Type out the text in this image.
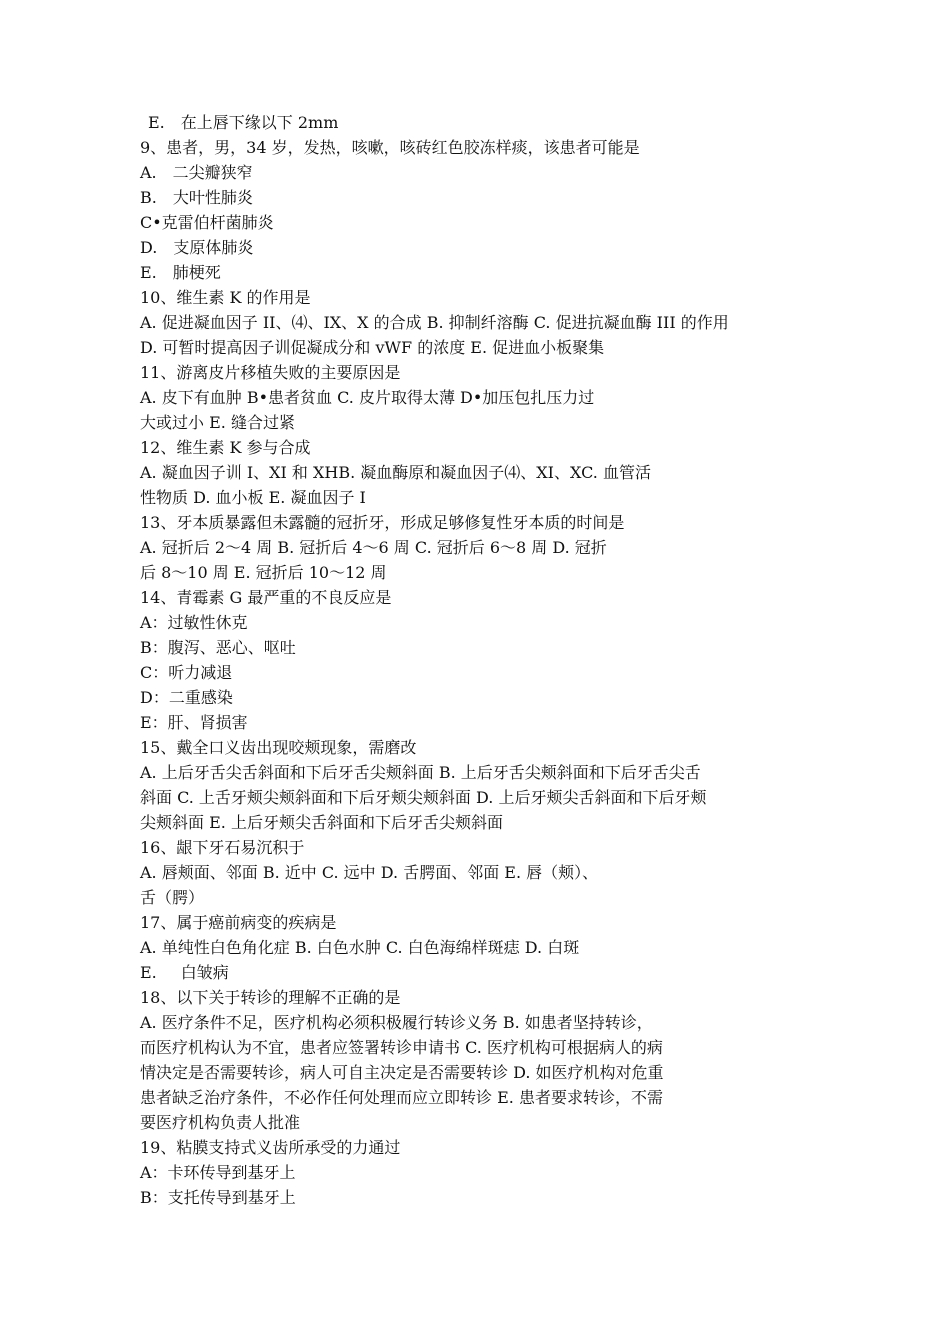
E.　在上唇下缘以下 2mm
9、患者，男，34 岁，发热，咳嗽，咳砖红色胶冻样痰，该患者可能是
A.　二尖瓣狭窄
B.　大叶性肺炎
C•克雷伯杆菌肺炎
D.　支原体肺炎
E.　肺梗死
10、维生素 K 的作用是
A. 促进凝血因子 II、⑷、IX、X 的合成 B. 抑制纤溶酶 C. 促进抗凝血酶 III 的作用
D. 可暂时提高因子训促凝成分和 vWF 的浓度 E. 促进血小板聚集
11、游离皮片移植失败的主要原因是
A. 皮下有血肿 B•患者贫血 C. 皮片取得太薄 D•加压包扎压力过
大或过小 E. 缝合过紧
12、维生素 K 参与合成
A. 凝血因子训 I、XI 和 XHB. 凝血酶原和凝血因子⑷、XI、XC. 血管活
性物质 D. 血小板 E. 凝血因子 I
13、牙本质暴露但未露髓的冠折牙，形成足够修复性牙本质的时间是
A. 冠折后 2〜4 周 B. 冠折后 4〜6 周 C. 冠折后 6〜8 周 D. 冠折
后 8〜10 周 E. 冠折后 10〜12 周
14、青霉素 G 最严重的不良反应是
A：过敏性休克
B：腹泻、恶心、呕吐
C：听力减退
D：二重感染
E：肝、肾损害
15、戴全口义齿出现咬颊现象，需磨改
A. 上后牙舌尖舌斜面和下后牙舌尖颊斜面 B. 上后牙舌尖颊斜面和下后牙舌尖舌
斜面 C. 上舌牙颊尖颊斜面和下后牙颊尖颊斜面 D. 上后牙颊尖舌斜面和下后牙颊
尖颊斜面 E. 上后牙颊尖舌斜面和下后牙舌尖颊斜面
16、龈下牙石易沉积于
A. 唇颊面、邻面 B. 近中 C. 远中 D. 舌腭面、邻面 E. 唇（颊）、
舌（腭）
17、属于癌前病变的疾病是
A. 单纯性白色角化症 B. 白色水肿 C. 白色海绵样斑痣 D. 白斑
E.　 白皱病
18、以下关于转诊的理解不正确的是
A. 医疗条件不足，医疗机构必须积极履行转诊义务 B. 如患者坚持转诊，
而医疗机构认为不宜，患者应签署转诊申请书 C. 医疗机构可根据病人的病
情决定是否需要转诊，病人可自主决定是否需要转诊 D. 如医疗机构对危重
患者缺乏治疗条件，不必作任何处理而应立即转诊 E. 患者要求转诊，不需
要医疗机构负责人批准
19、粘膜支持式义齿所承受的力通过
A：卡环传导到基牙上
B：支托传导到基牙上
